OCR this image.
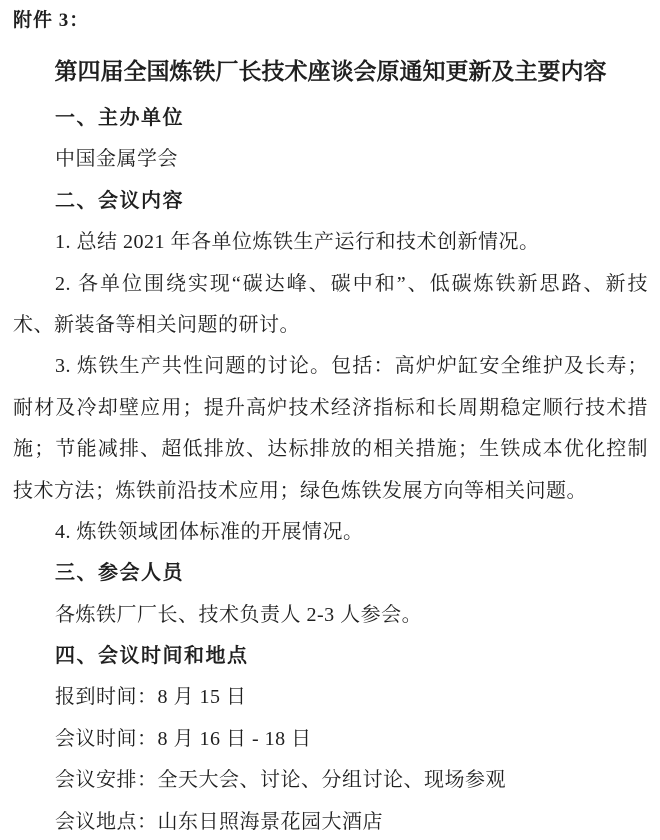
附件 3：
第四届全国炼铁厂长技术座谈会原通知更新及主要内容
一、主办单位
中国金属学会
二、会议内容
1. 总结 2021 年各单位炼铁生产运行和技术创新情况。
2. 各单位围绕实现“碳达峰、碳中和”、低碳炼铁新思路、新技
术、新装备等相关问题的研讨。
3. 炼铁生产共性问题的讨论。包括：高炉炉缸安全维护及长寿；
耐材及冷却壁应用；提升高炉技术经济指标和长周期稳定顺行技术措
施；节能减排、超低排放、达标排放的相关措施；生铁成本优化控制
技术方法；炼铁前沿技术应用；绿色炼铁发展方向等相关问题。
4. 炼铁领域团体标准的开展情况。
三、参会人员
各炼铁厂厂长、技术负责人 2-3 人参会。
四、会议时间和地点
报到时间：8 月 15 日
会议时间：8 月 16 日 - 18 日
会议安排：全天大会、讨论、分组讨论、现场参观
会议地点：山东日照海景花园大酒店
